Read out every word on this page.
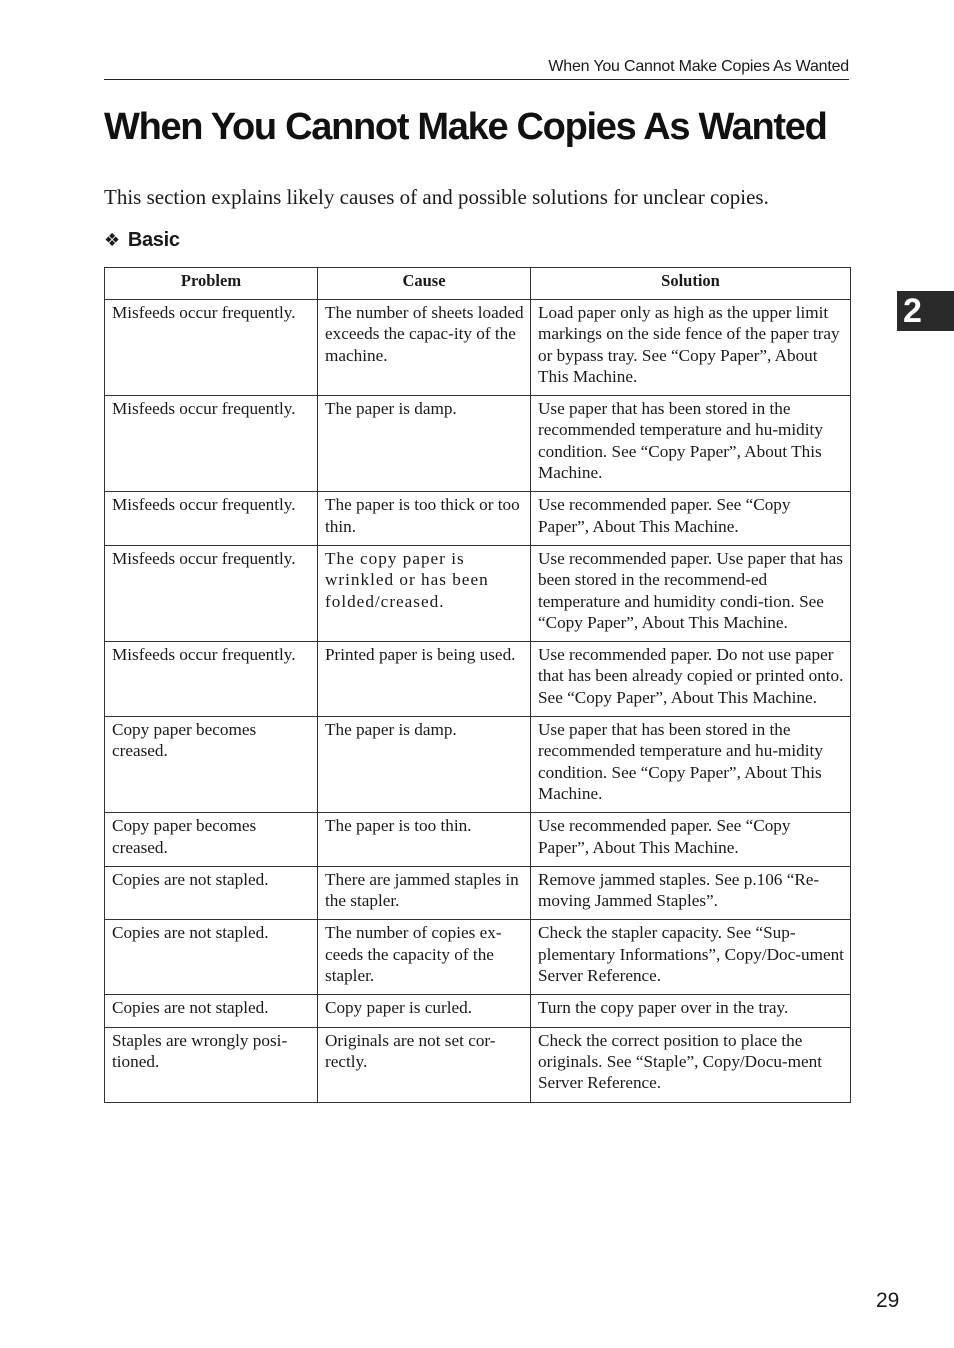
When You Cannot Make Copies As Wanted
When You Cannot Make Copies As Wanted

This section explains likely causes of and possible solutions for unclear copies.

❖ Basic
2
Problem	Cause	Solution
Misfeeds occur frequently.	The number of sheets loaded exceeds the capac-ity of the machine.	Load paper only as high as the upper limit markings on the side fence of the paper tray or bypass tray. See “Copy Paper”, About This Machine.
Misfeeds occur frequently.	The paper is damp.	Use paper that has been stored in the recommended temperature and hu-midity condition. See “Copy Paper”, About This Machine.
Misfeeds occur frequently.	The paper is too thick or too thin.	Use recommended paper. See “Copy Paper”, About This Machine.
Misfeeds occur frequently.	The copy paper is wrinkled or has been folded/creased.	Use recommended paper. Use paper that has been stored in the recommend-ed temperature and humidity condi-tion. See “Copy Paper”, About This Machine.
Misfeeds occur frequently.	Printed paper is being used.	Use recommended paper. Do not use paper that has been already copied or printed onto. See “Copy Paper”, About This Machine.
Copy paper becomes creased.	The paper is damp.	Use paper that has been stored in the recommended temperature and hu-midity condition. See “Copy Paper”, About This Machine.
Copy paper becomes creased.	The paper is too thin.	Use recommended paper. See “Copy Paper”, About This Machine.
Copies are not stapled.	There are jammed staples in the stapler.	Remove jammed staples. See p.106 “Re-moving Jammed Staples”.
Copies are not stapled.	The number of copies ex-ceeds the capacity of the stapler.	Check the stapler capacity. See “Sup-plementary Informations”, Copy/Doc-ument Server Reference.
Copies are not stapled.	Copy paper is curled.	Turn the copy paper over in the tray.
Staples are wrongly posi-tioned.	Originals are not set cor-rectly.	Check the correct position to place the originals. See “Staple”, Copy/Docu-ment Server Reference.
29
